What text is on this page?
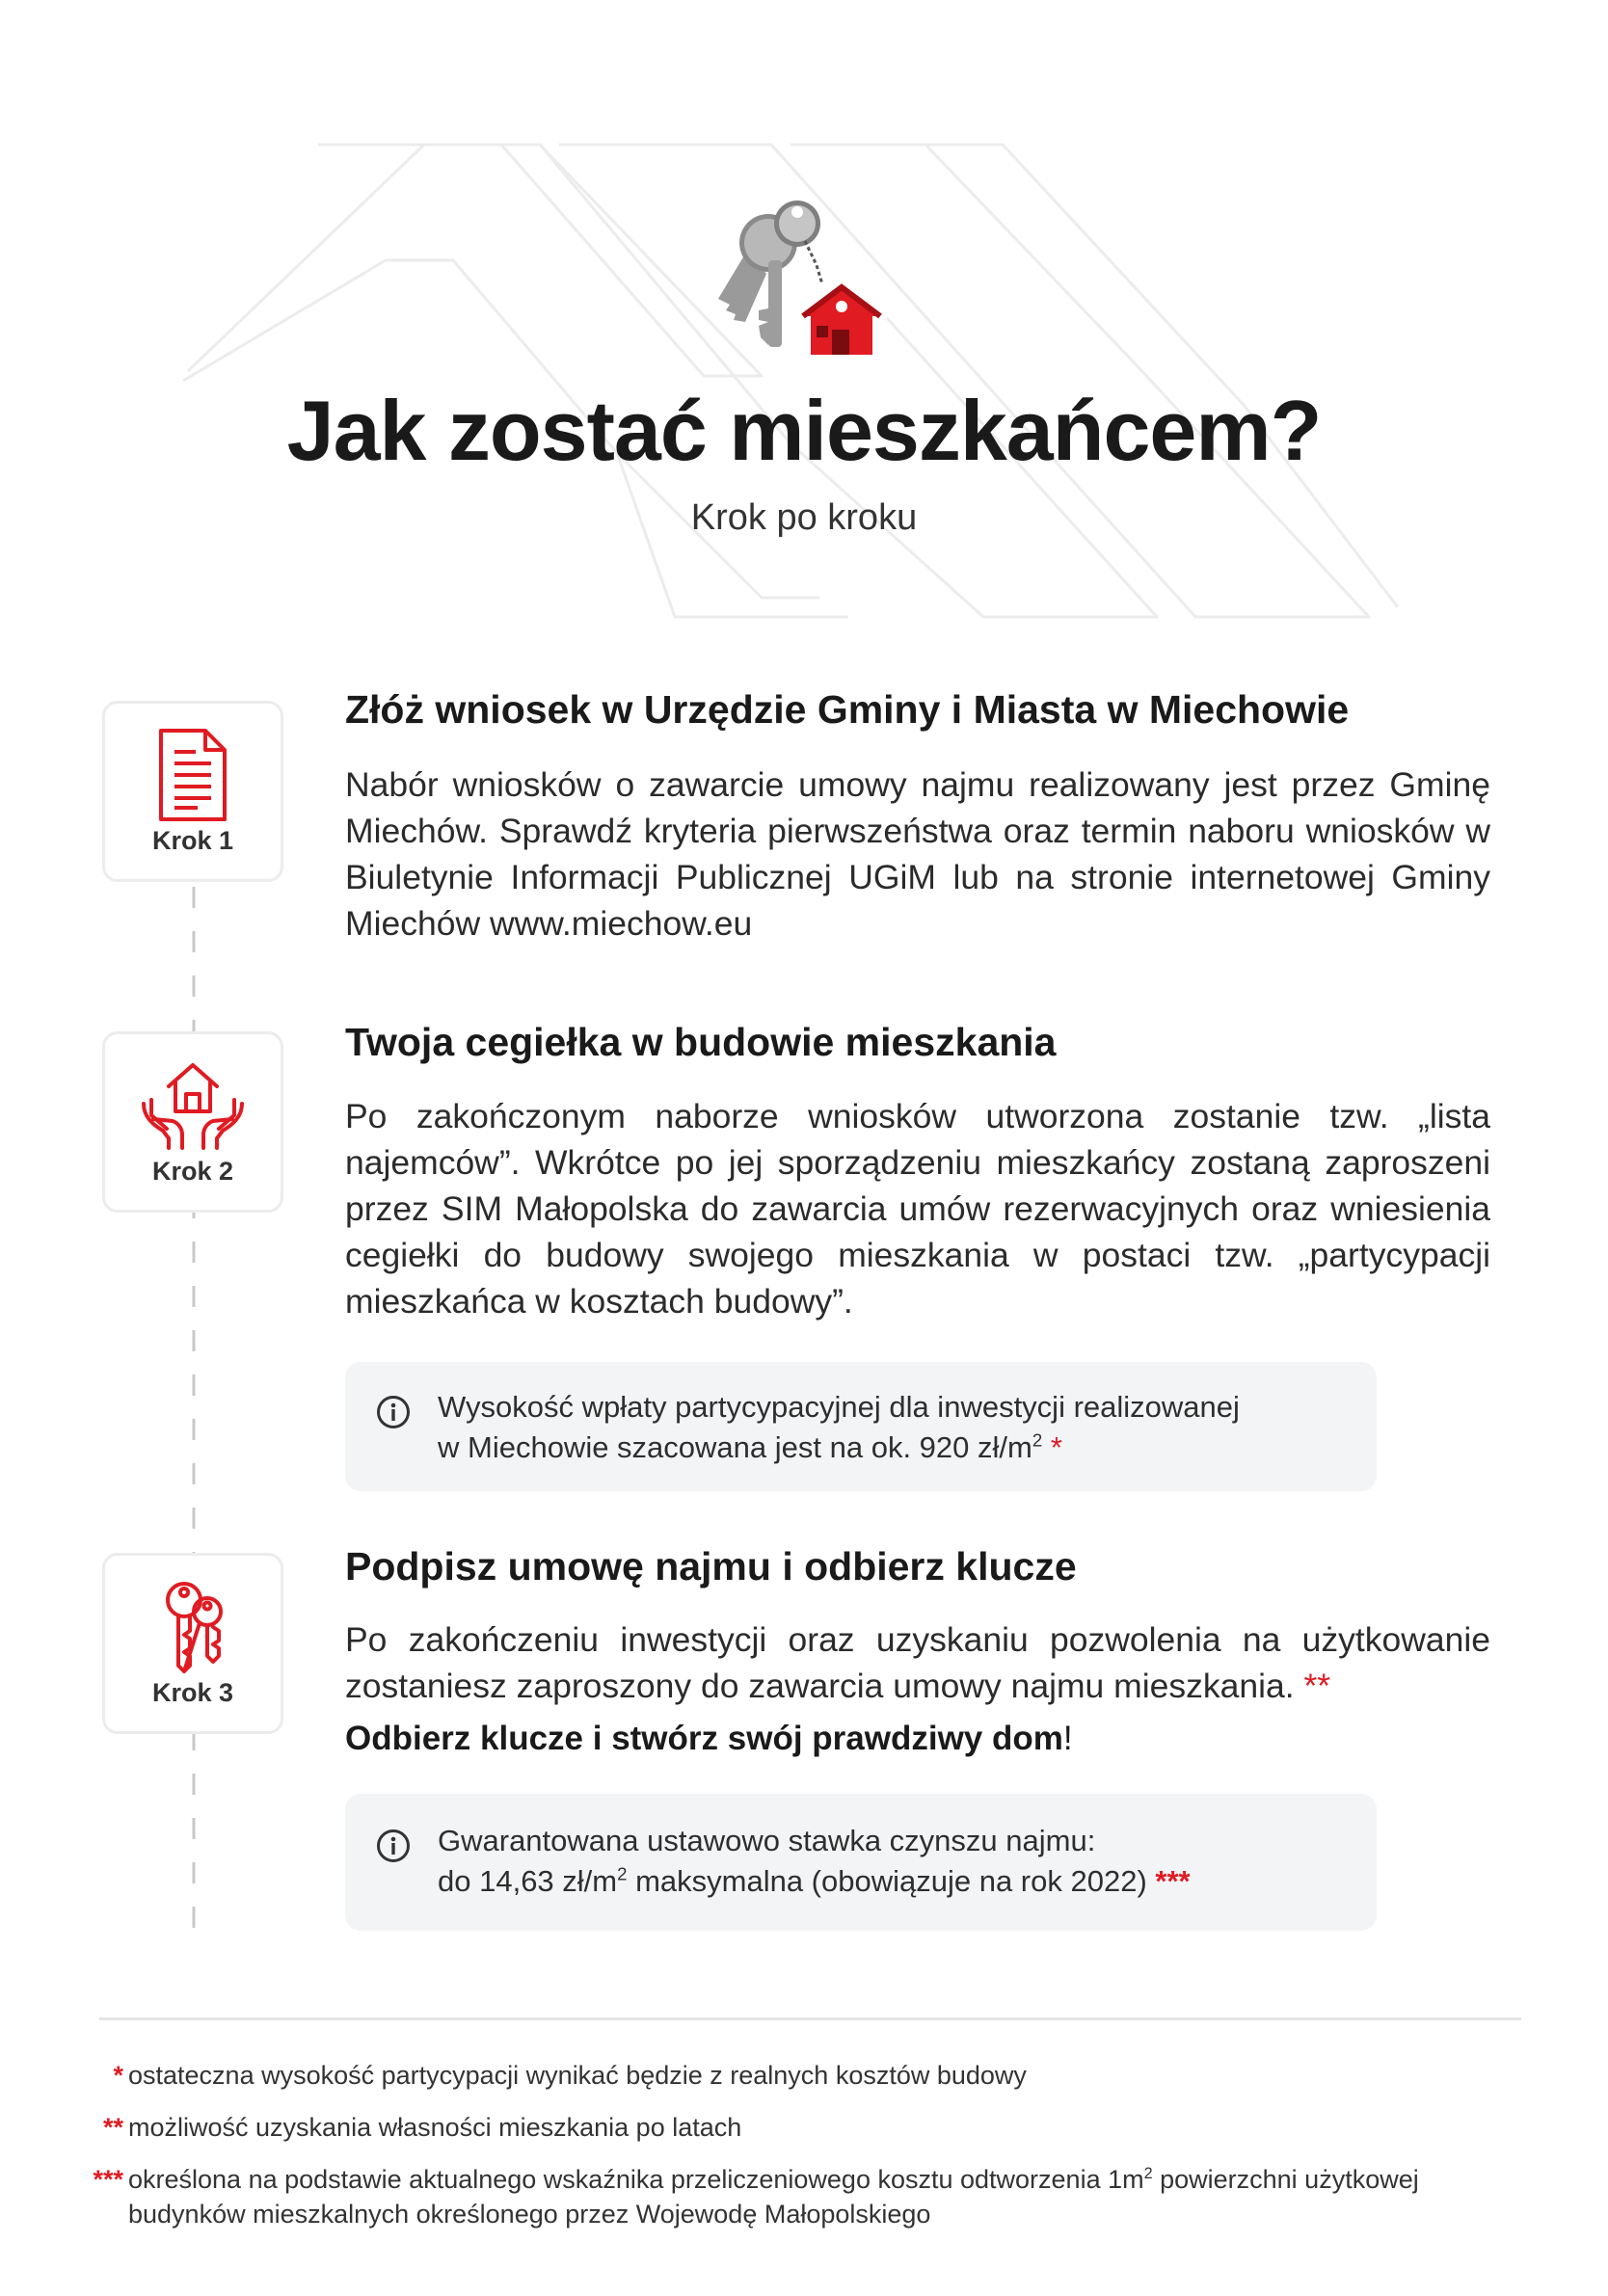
Jak zostać mieszkańcem?

Krok po kroku

Krok 1
Złóż wniosek w Urzędzie Gminy i Miasta w Miechowie

Nabór wniosków o zawarcie umowy najmu realizowany jest przez Gminę Miechów. Sprawdź kryteria pierwszeństwa oraz termin naboru wniosków w Biuletynie Informacji Publicznej UGiM lub na stronie internetowej Gminy Miechów www.miechow.eu

Krok 2
Twoja cegiełka w budowie mieszkania

Po zakończonym naborze wniosków utworzona zostanie tzw. „lista najemców”. Wkrótce po jej sporządzeniu mieszkańcy zostaną zaproszeni przez SIM Małopolska do zawarcia umów rezerwacyjnych oraz wniesienia cegiełki do budowy swojego mieszkania w postaci tzw. „partycypacji mieszkańca w kosztach budowy”.

Wysokość wpłaty partycypacyjnej dla inwestycji realizowanej
w Miechowie szacowana jest na ok. 920 $zł/m^2$ *
Krok 3
Podpisz umowę najmu i odbierz klucze

Po zakończeniu inwestycji oraz uzyskaniu pozwolenia na użytkowanie zostaniesz zaproszony do zawarcia umowy najmu mieszkania. **

Odbierz klucze i stwórz swój prawdziwy dom!

Gwarantowana ustawowo stawka czynszu najmu:
do 14,63 $zł/m^2$ maksymalna (obowiązuje na rok 2022) ***
* ostateczna wysokość partycypacji wynikać będzie z realnych kosztów budowy
** możliwość uzyskania własności mieszkania po latach
*** określona na podstawie aktualnego wskaźnika przeliczeniowego kosztu odtworzenia $1m^2$ powierzchni użytkowej budynków mieszkalnych określonego przez Wojewodę Małopolskiego
